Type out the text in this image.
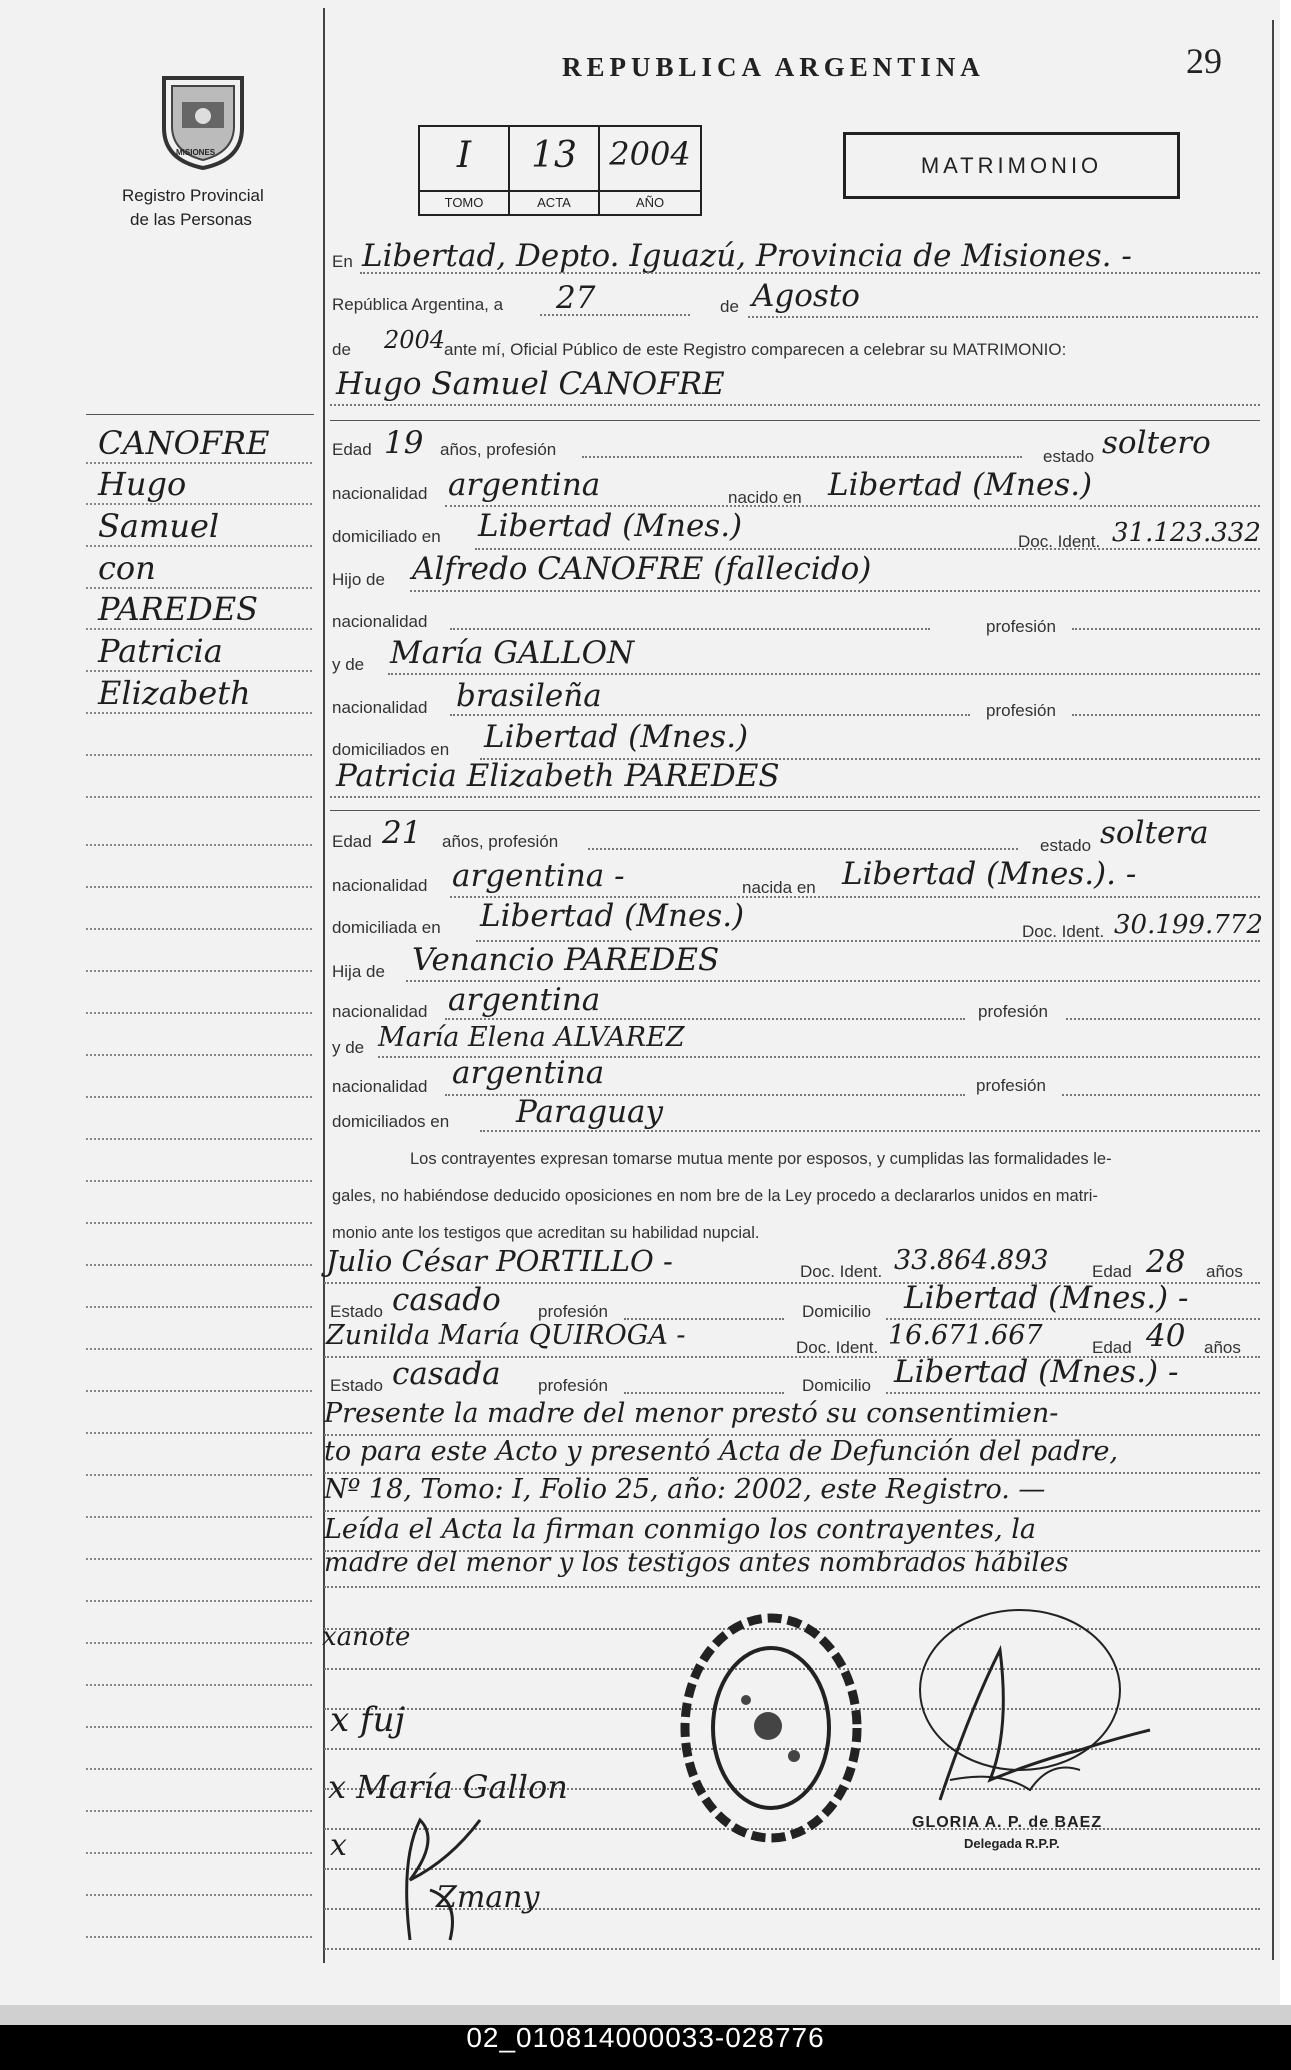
MISIONES
Registro Provincial
de las Personas
REPUBLICA ARGENTINA	29
I
TOMO
13
ACTA
2004
AÑO
MATRIMONIO
En Libertad, Depto. Iguazú, Provincia de Misiones. -
República Argentina, a 27	de Agosto
de 2004
ante mí, Oficial Público de este Registro comparecen a celebrar su MATRIMONIO:
Hugo Samuel CANOFRE
CANOFRE
Hugo
Samuel
con
PAREDES
Patricia
Elizabeth
Edad 19 años, profesión	estado soltero
nacionalidad argentina	nacido en Libertad (Mnes.)
domiciliado en Libertad (Mnes.)	Doc. Ident. 31.123.332
Hijo de Alfredo CANOFRE (fallecido)
nacionalidad	profesión
y de María GALLON
nacionalidad brasileña	profesión
domiciliados en Libertad (Mnes.)
Patricia Elizabeth PAREDES
Edad 21 años, profesión	estado soltera
nacionalidad argentina -	nacida en Libertad (Mnes.). -
domiciliada en Libertad (Mnes.)	Doc. Ident. 30.199.772
Hija de Venancio PAREDES
nacionalidad argentina	profesión
y de María Elena ALVAREZ
nacionalidad argentina	profesión
domiciliados en Paraguay
Los contrayentes expresan tomarse mutua mente por esposos, y cumplidas las formalidades le-
gales, no habiéndose deducido oposiciones en nom bre de la Ley procedo a declararlos unidos en matri-
monio ante los testigos que acreditan su habilidad nupcial.
Julio César PORTILLO -	Doc. Ident. 33.864.893	Edad 28 años
Estado casado profesión	Domicilio Libertad (Mnes.) -
Zunilda María QUIROGA -	Doc. Ident. 16.671.667	Edad 40 años
Estado casada profesión	Domicilio Libertad (Mnes.) -
Presente la madre del menor prestó su consentimien-
to para este Acto y presentó Acta de Defunción del padre,
Nº 18, Tomo: I, Folio 25, año: 2002, este Registro. —
Leída el Acta la firman conmigo los contrayentes, la
madre del menor y los testigos antes nombrados hábiles
xanote
x fuj
x María Gallon
x
Zmany
GLORIA A. P. de BAEZ
Delegada R.P.P.
02_010814000033-028776
